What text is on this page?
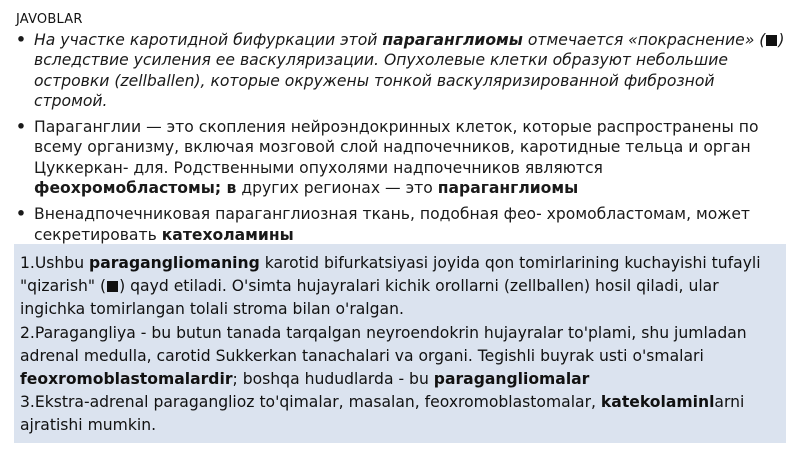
JAVOBLAR
• На участке каротидной бифуркации этой параганглиомы отмечается «покраснение» ( ) вследствие усиления ее васкуляризации. Опухолевые клетки образуют небольшие островки (zellballen), которые окружены тонкой васкуляризированной фиброзной стромой.
• Параганглии — это скопления нейроэндокринных клеток, которые распространены по всему организму, включая мозговой слой надпочечников, каротидные тельца и орган Цуккеркан- для. Родственными опухолями надпочечников являются феохромобластомы; в других регионах — это параганглиомы
• Вненадпочечниковая параганглиозная ткань, подобная фео- хромобластомам, может секретировать катехоламины
1.Ushbu paragangliomaning karotid bifurkatsiyasi joyida qon tomirlarining kuchayishi tufayli
"qizarish" ( ) qayd etiladi. O'simta hujayralari kichik orollarni (zellballen) hosil qiladi, ular
ingichka tomirlangan tolali stroma bilan o'ralgan.
2.Paragangliya - bu butun tanada tarqalgan neyroendokrin hujayralar to'plami, shu jumladan
adrenal medulla, carotid Sukkerkan tanachalari va organi. Tegishli buyrak usti o'smalari
feoxromoblastomalardir; boshqa hududlarda - bu paragangliomalar
3.Ekstra-adrenal paraganglioz to'qimalar, masalan, feoxromoblastomalar, katekolaminlarni
ajratishi mumkin.
